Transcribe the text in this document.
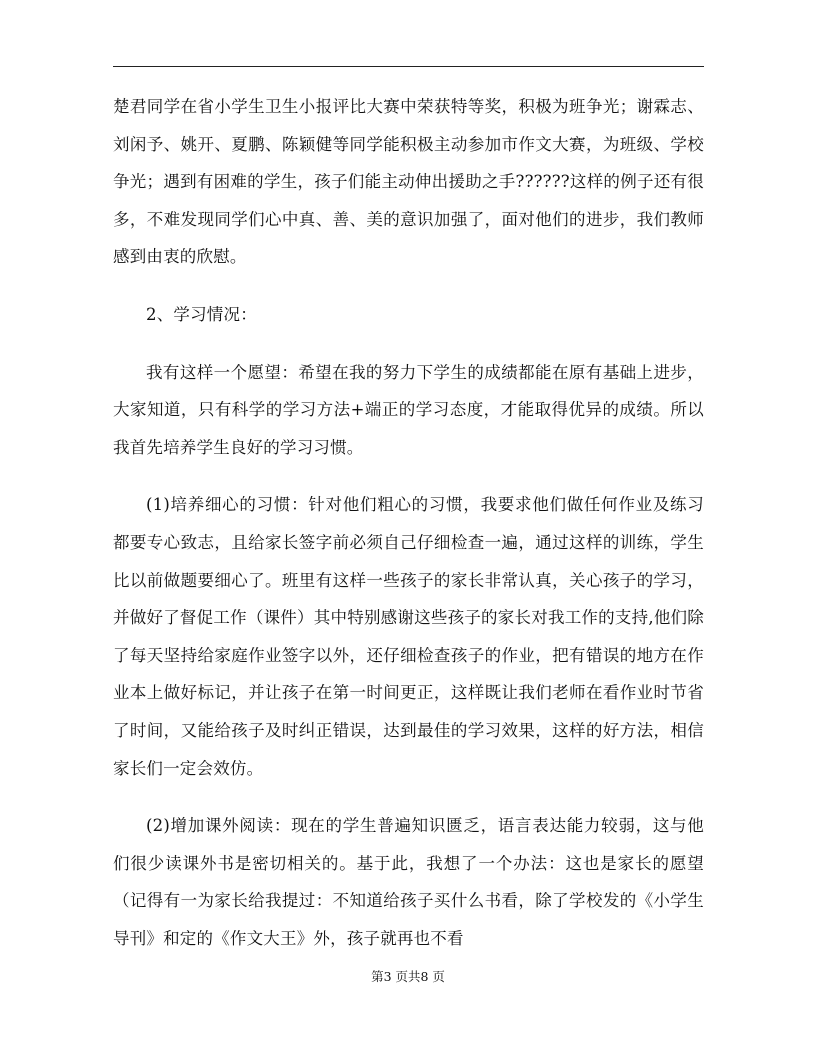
楚君同学在省小学生卫生小报评比大赛中荣获特等奖，积极为班争光；谢霖志、刘闲予、姚开、夏鹏、陈颖健等同学能积极主动参加市作文大赛，为班级、学校争光；遇到有困难的学生，孩子们能主动伸出援助之手??????这样的例子还有很多，不难发现同学们心中真、善、美的意识加强了，面对他们的进步，我们教师感到由衷的欣慰。

2、学习情况：

我有这样一个愿望：希望在我的努力下学生的成绩都能在原有基础上进步，大家知道，只有科学的学习方法+端正的学习态度，才能取得优异的成绩。所以我首先培养学生良好的学习习惯。

(1)培养细心的习惯：针对他们粗心的习惯，我要求他们做任何作业及练习都要专心致志，且给家长签字前必须自己仔细检查一遍，通过这样的训练，学生比以前做题要细心了。班里有这样一些孩子的家长非常认真，关心孩子的学习，并做好了督促工作（课件）其中特别感谢这些孩子的家长对我工作的支持,他们除了每天坚持给家庭作业签字以外，还仔细检查孩子的作业，把有错误的地方在作业本上做好标记，并让孩子在第一时间更正，这样既让我们老师在看作业时节省了时间，又能给孩子及时纠正错误，达到最佳的学习效果，这样的好方法，相信家长们一定会效仿。

(2)增加课外阅读：现在的学生普遍知识匮乏，语言表达能力较弱，这与他们很少读课外书是密切相关的。基于此，我想了一个办法：这也是家长的愿望（记得有一为家长给我提过：不知道给孩子买什么书看，除了学校发的《小学生导刊》和定的《作文大王》外，孩子就再也不看

第3 页共8 页
